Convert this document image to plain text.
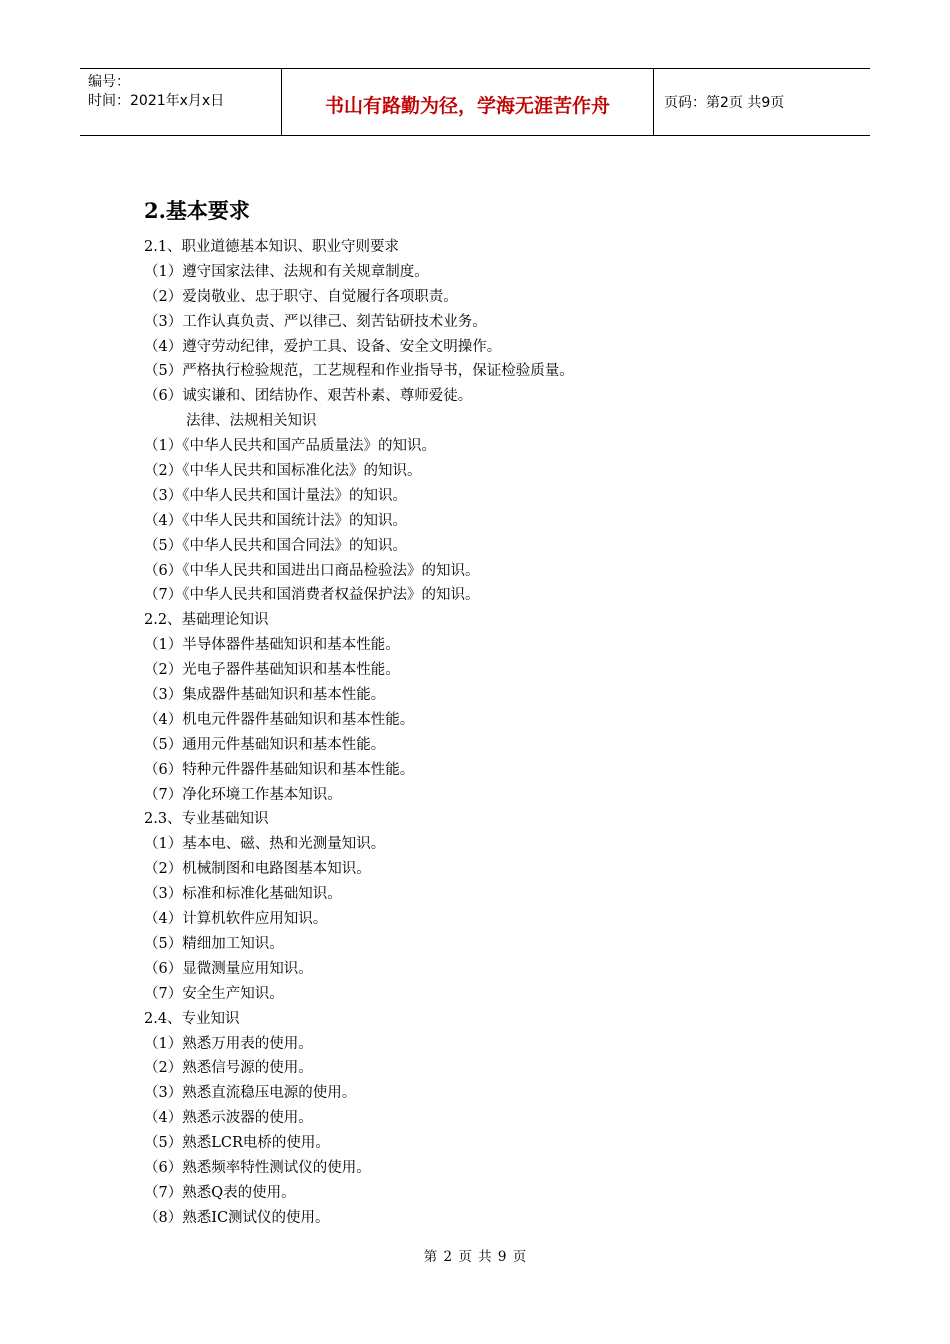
编号：
时间：2021年x月x日	书山有路勤为径，学海无涯苦作舟	页码：第2页 共9页
2.基本要求
2.1、职业道德基本知识、职业守则要求
（1）遵守国家法律、法规和有关规章制度。
（2）爱岗敬业、忠于职守、自觉履行各项职责。
（3）工作认真负责、严以律己、刻苦钻研技术业务。
（4）遵守劳动纪律，爱护工具、设备、安全文明操作。
（5）严格执行检验规范，工艺规程和作业指导书，保证检验质量。
（6）诚实谦和、团结协作、艰苦朴素、尊师爱徒。
法律、法规相关知识
（1）《中华人民共和国产品质量法》的知识。
（2）《中华人民共和国标准化法》的知识。
（3）《中华人民共和国计量法》的知识。
（4）《中华人民共和国统计法》的知识。
（5）《中华人民共和国合同法》的知识。
（6）《中华人民共和国进出口商品检验法》的知识。
（7）《中华人民共和国消费者权益保护法》的知识。
2.2、基础理论知识
（1）半导体器件基础知识和基本性能。
（2）光电子器件基础知识和基本性能。
（3）集成器件基础知识和基本性能。
（4）机电元件器件基础知识和基本性能。
（5）通用元件基础知识和基本性能。
（6）特种元件器件基础知识和基本性能。
（7）净化环境工作基本知识。
2.3、专业基础知识
（1）基本电、磁、热和光测量知识。
（2）机械制图和电路图基本知识。
（3）标准和标准化基础知识。
（4）计算机软件应用知识。
（5）精细加工知识。
（6）显微测量应用知识。
（7）安全生产知识。
2.4、专业知识
（1）熟悉万用表的使用。
（2）熟悉信号源的使用。
（3）熟悉直流稳压电源的使用。
（4）熟悉示波器的使用。
（5）熟悉LCR电桥的使用。
（6）熟悉频率特性测试仪的使用。
（7）熟悉Q表的使用。
（8）熟悉IC测试仪的使用。
第 2 页 共 9 页
